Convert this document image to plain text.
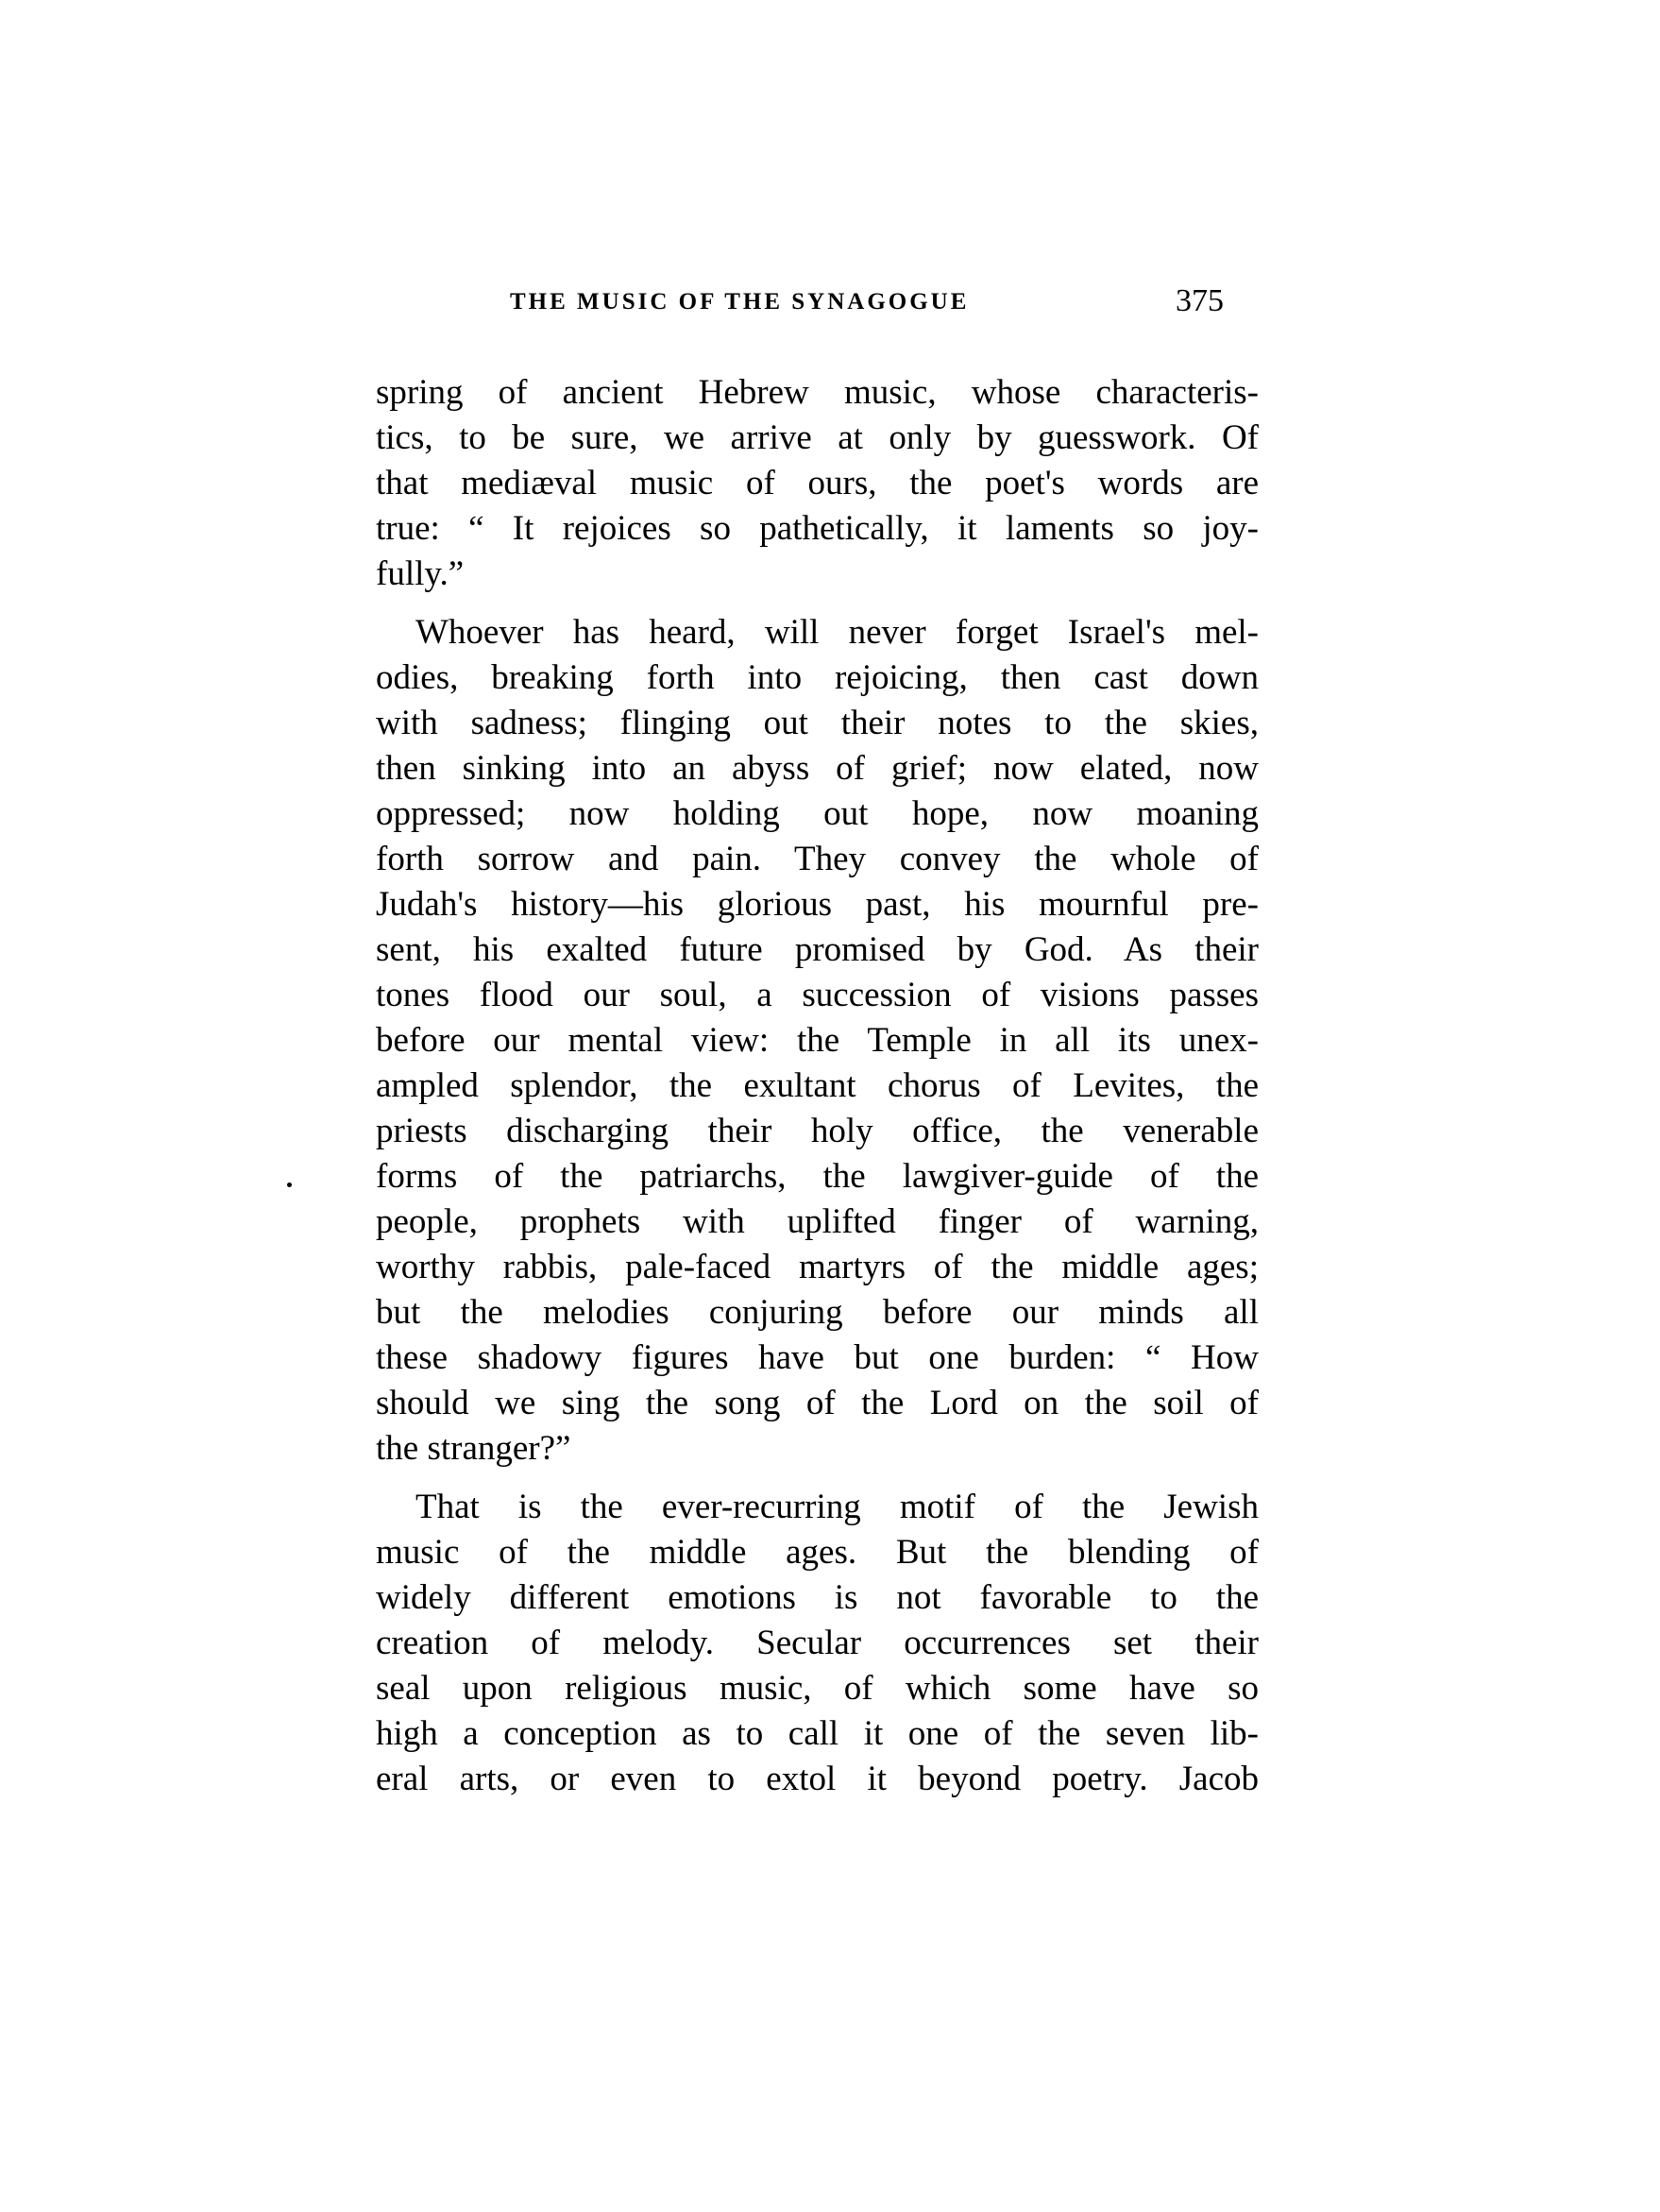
THE MUSIC OF THE SYNAGOGUE	375
spring of ancient Hebrew music, whose characteris-
tics, to be sure, we arrive at only by guesswork. Of
that mediæval music of ours, the poet's words are
true: “ It rejoices so pathetically, it laments so joy-
fully.”
Whoever has heard, will never forget Israel's mel-
odies, breaking forth into rejoicing, then cast down
with sadness; flinging out their notes to the skies,
then sinking into an abyss of grief; now elated, now
oppressed; now holding out hope, now moaning
forth sorrow and pain. They convey the whole of
Judah's history—his glorious past, his mournful pre-
sent, his exalted future promised by God. As their
tones flood our soul, a succession of visions passes
before our mental view: the Temple in all its unex-
ampled splendor, the exultant chorus of Levites, the
priests discharging their holy office, the venerable
forms of the patriarchs, the lawgiver-guide of the
people, prophets with uplifted finger of warning,
worthy rabbis, pale-faced martyrs of the middle ages;
but the melodies conjuring before our minds all
these shadowy figures have but one burden: “ How
should we sing the song of the Lord on the soil of
the stranger?”
That is the ever-recurring motif of the Jewish
music of the middle ages. But the blending of
widely different emotions is not favorable to the
creation of melody. Secular occurrences set their
seal upon religious music, of which some have so
high a conception as to call it one of the seven lib-
eral arts, or even to extol it beyond poetry. Jacob
